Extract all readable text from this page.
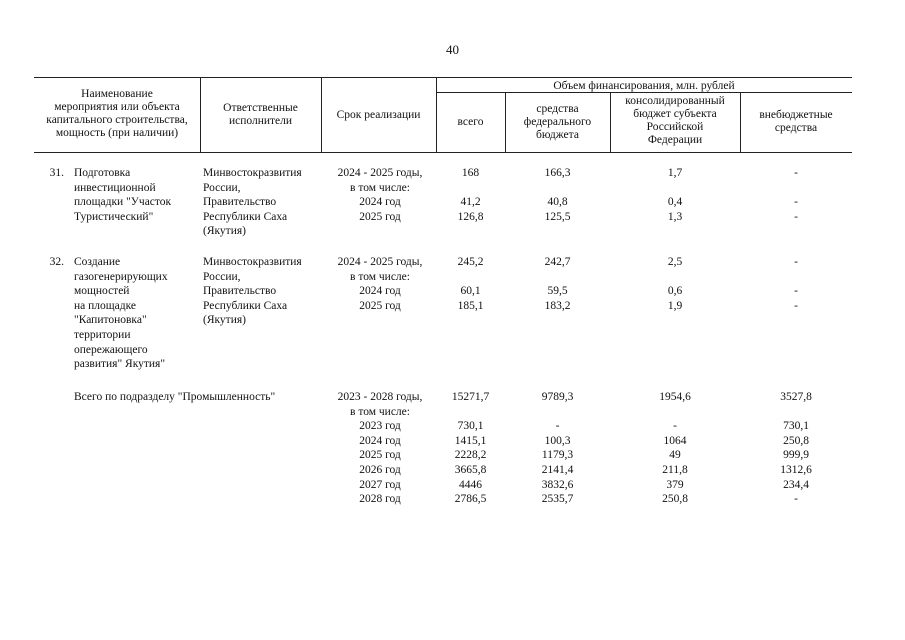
40
Наименование
мероприятия или объекта
капитального строительства,
мощность (при наличии)
Ответственные
исполнители	Срок реализации
Объем финансирования, млн. рублей
всего
средства
федерального
бюджета
консолидированный
бюджет субъекта
Российской
Федерации
внебюджетные
средства
31. Подготовка
инвестиционной
площадки "Участок
Туристический"
Минвостокразвития
России,
Правительство
Республики Саха
(Якутия)
2024 - 2025 годы,
в том числе:
2024 год
2025 год
168

41,2
126,8
166,3

40,8
125,5
1,7

0,4
1,3
-

-
-
32. Создание
газогенерирующих
мощностей
на площадке
"Капитоновка"
территории
опережающего
развития" Якутия"
Минвостокразвития
России,
Правительство
Республики Саха
(Якутия)
2024 - 2025 годы,
в том числе:
2024 год
2025 год
245,2

60,1
185,1
242,7

59,5
183,2
2,5

0,6
1,9
-

-
-
Всего по подразделу "Промышленность"	2023 - 2028 годы,
в том числе:
2023 год
2024 год
2025 год
2026 год
2027 год
2028 год
15271,7

730,1
1415,1
2228,2
3665,8
4446
2786,5
9789,3

-
100,3
1179,3
2141,4
3832,6
2535,7
1954,6

-
1064
49
211,8
379
250,8
3527,8

730,1
250,8
999,9
1312,6
234,4
-
